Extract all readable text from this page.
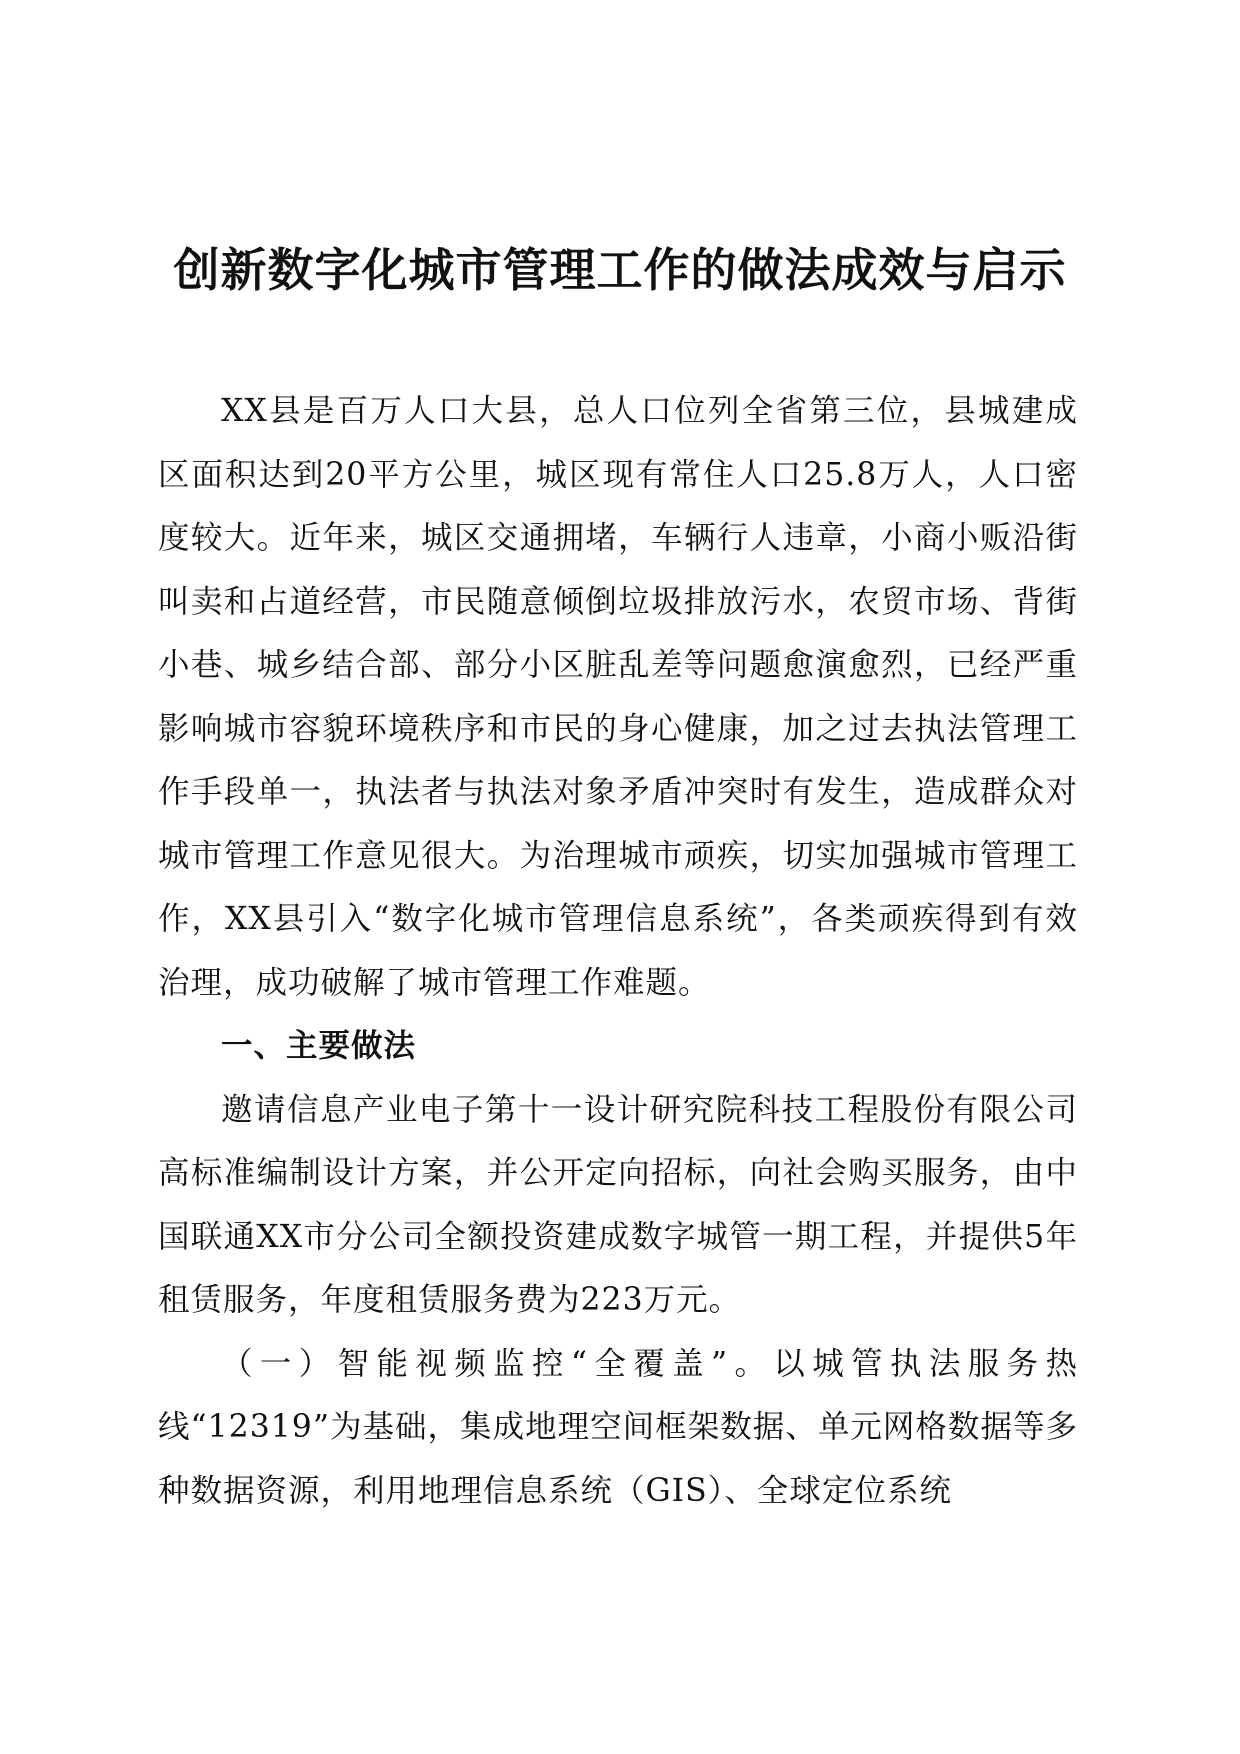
创新数字化城市管理工作的做法成效与启示

XX县是百万人口大县，总人口位列全省第三位，县城建成区面积达到20平方公里，城区现有常住人口25.8万人，人口密度较大。近年来，城区交通拥堵，车辆行人违章，小商小贩沿街叫卖和占道经营，市民随意倾倒垃圾排放污水，农贸市场、背街小巷、城乡结合部、部分小区脏乱差等问题愈演愈烈，已经严重影响城市容貌环境秩序和市民的身心健康，加之过去执法管理工作手段单一，执法者与执法对象矛盾冲突时有发生，造成群众对城市管理工作意见很大。为治理城市顽疾，切实加强城市管理工作，XX县引入“数字化城市管理信息系统”，各类顽疾得到有效治理，成功破解了城市管理工作难题。

一、主要做法

邀请信息产业电子第十一设计研究院科技工程股份有限公司高标准编制设计方案，并公开定向招标，向社会购买服务，由中国联通XX市分公司全额投资建成数字城管一期工程，并提供5年租赁服务，年度租赁服务费为223万元。

（一）智能视频监控“全覆盖”。以城管执法服务热线“12319”为基础，集成地理空间框架数据、单元网格数据等多种数据资源，利用地理信息系统（GIS）、全球定位系统
